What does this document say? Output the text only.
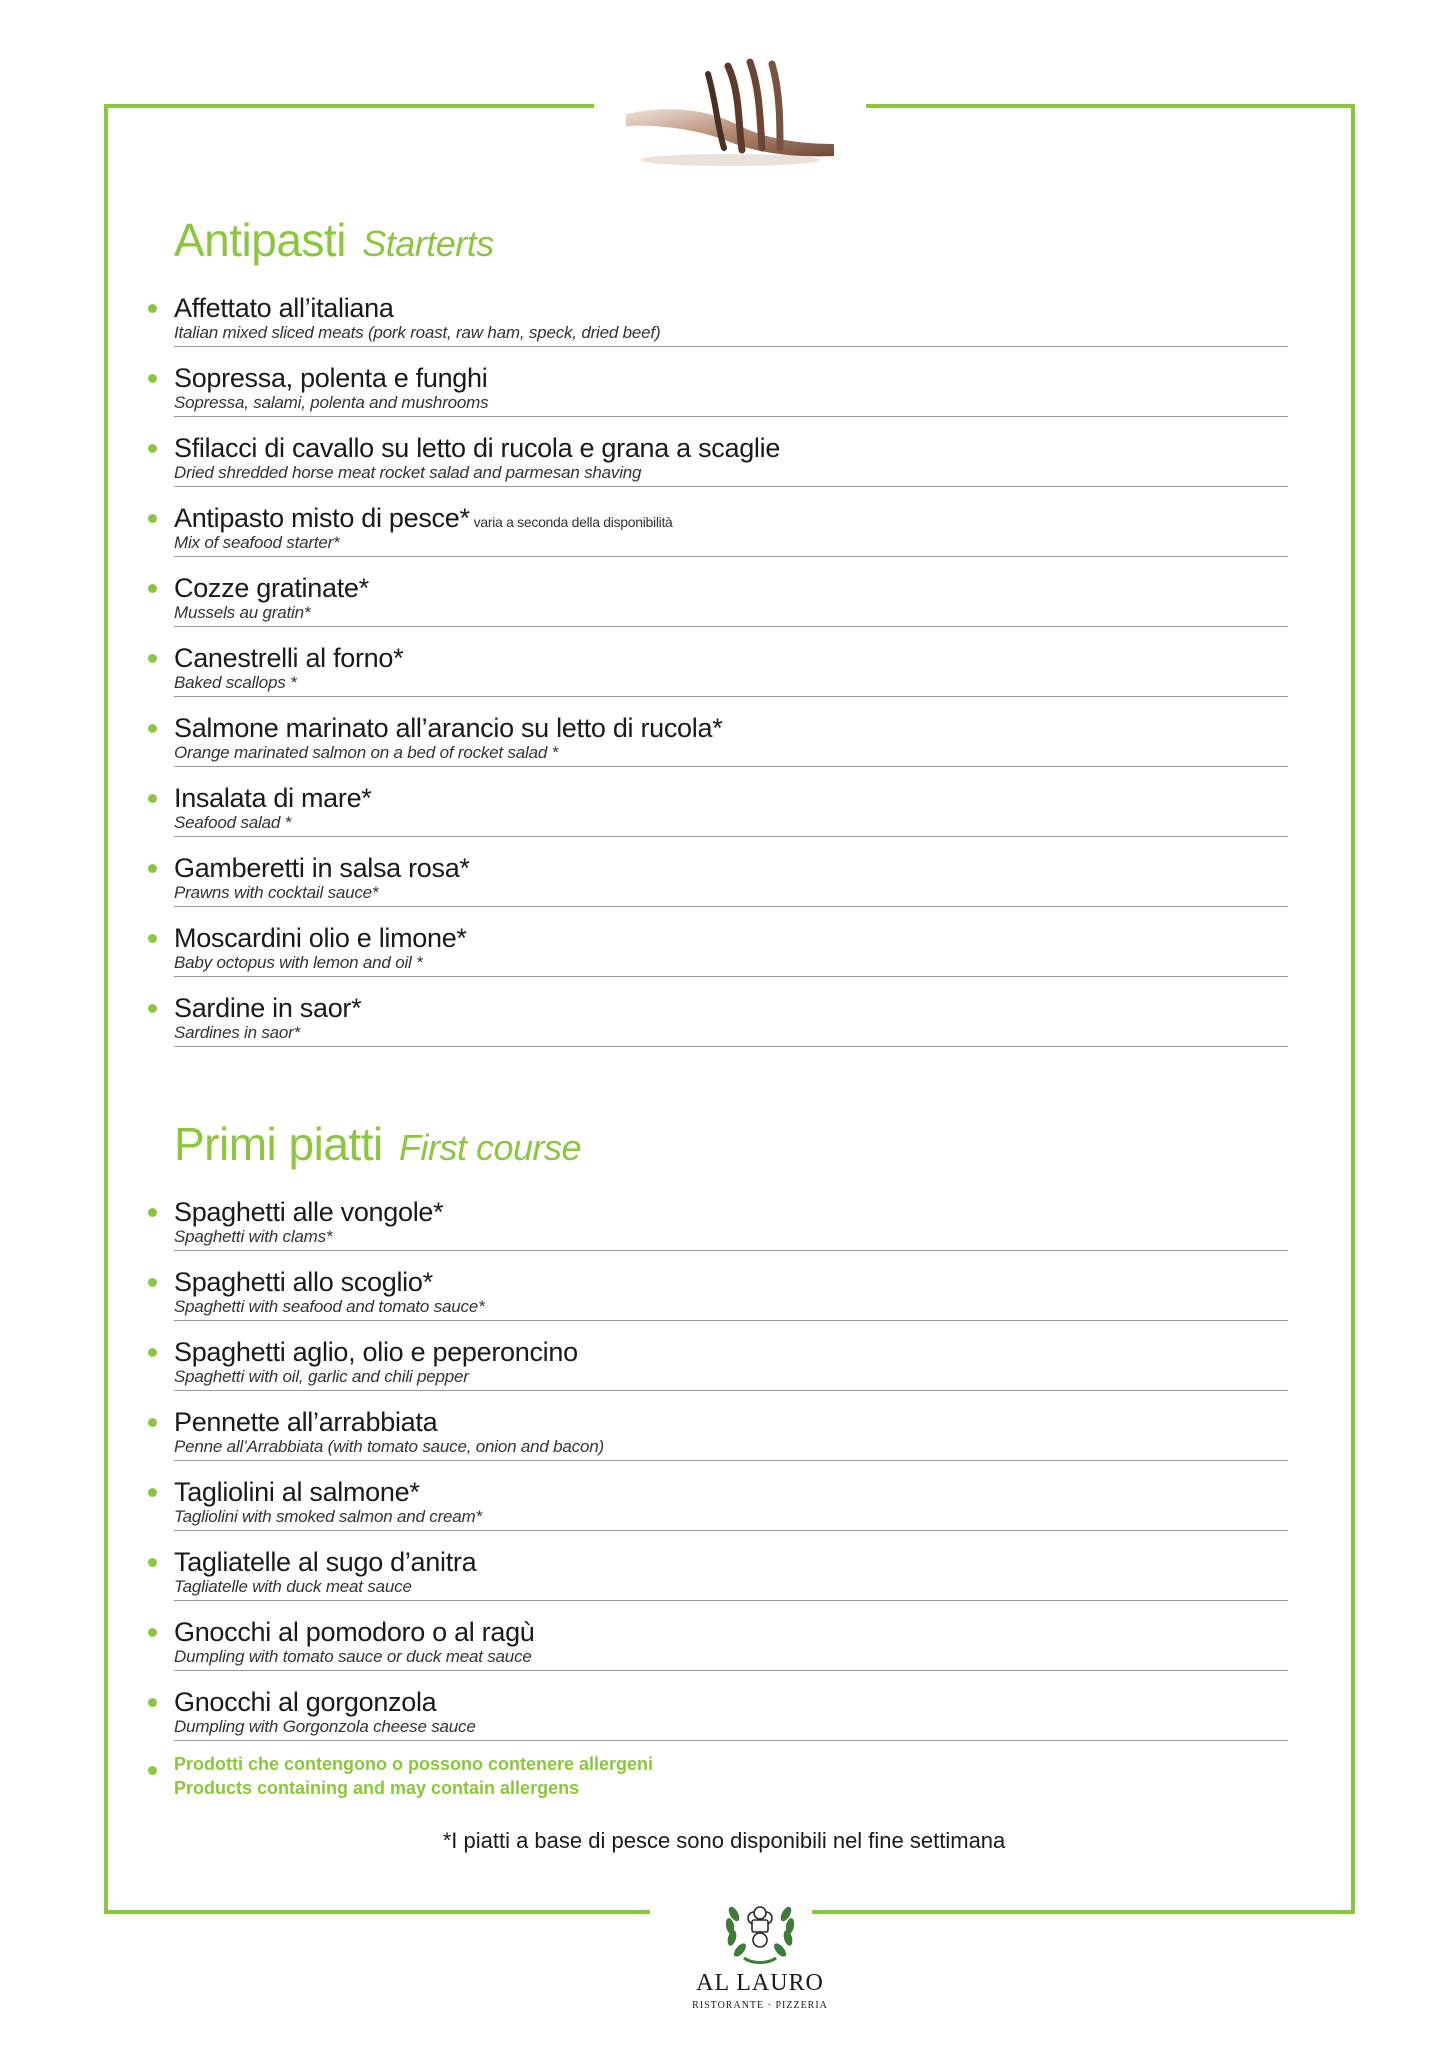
Antipasti Starterts
Affettato all’italiana
Italian mixed sliced meats (pork roast, raw ham, speck, dried beef)
Sopressa, polenta e funghi
Sopressa, salami, polenta and mushrooms
Sfilacci di cavallo su letto di rucola e grana a scaglie
Dried shredded horse meat rocket salad and parmesan shaving
Antipasto misto di pesce* varia a seconda della disponibilità
Mix of seafood starter*
Cozze gratinate*
Mussels au gratin*
Canestrelli al forno*
Baked scallops *
Salmone marinato all’arancio su letto di rucola*
Orange marinated salmon on a bed of rocket salad *
Insalata di mare*
Seafood salad *
Gamberetti in salsa rosa*
Prawns with cocktail sauce*
Moscardini olio e limone*
Baby octopus with lemon and oil *
Sardine in saor*
Sardines in saor*
Primi piatti First course
Spaghetti alle vongole*
Spaghetti with clams*
Spaghetti allo scoglio*
Spaghetti with seafood and tomato sauce*
Spaghetti aglio, olio e peperoncino
Spaghetti with oil, garlic and chili pepper
Pennette all’arrabbiata
Penne all’Arrabbiata (with tomato sauce, onion and bacon)
Tagliolini al salmone*
Tagliolini with smoked salmon and cream*
Tagliatelle al sugo d’anitra
Tagliatelle with duck meat sauce
Gnocchi al pomodoro o al ragù
Dumpling with tomato sauce or duck meat sauce
Gnocchi al gorgonzola
Dumpling with Gorgonzola cheese sauce
Prodotti che contengono o possono contenere allergeni
Products containing and may contain allergens
*I piatti a base di pesce sono disponibili nel fine settimana
AL LAURO
RISTORANTE · PIZZERIA
